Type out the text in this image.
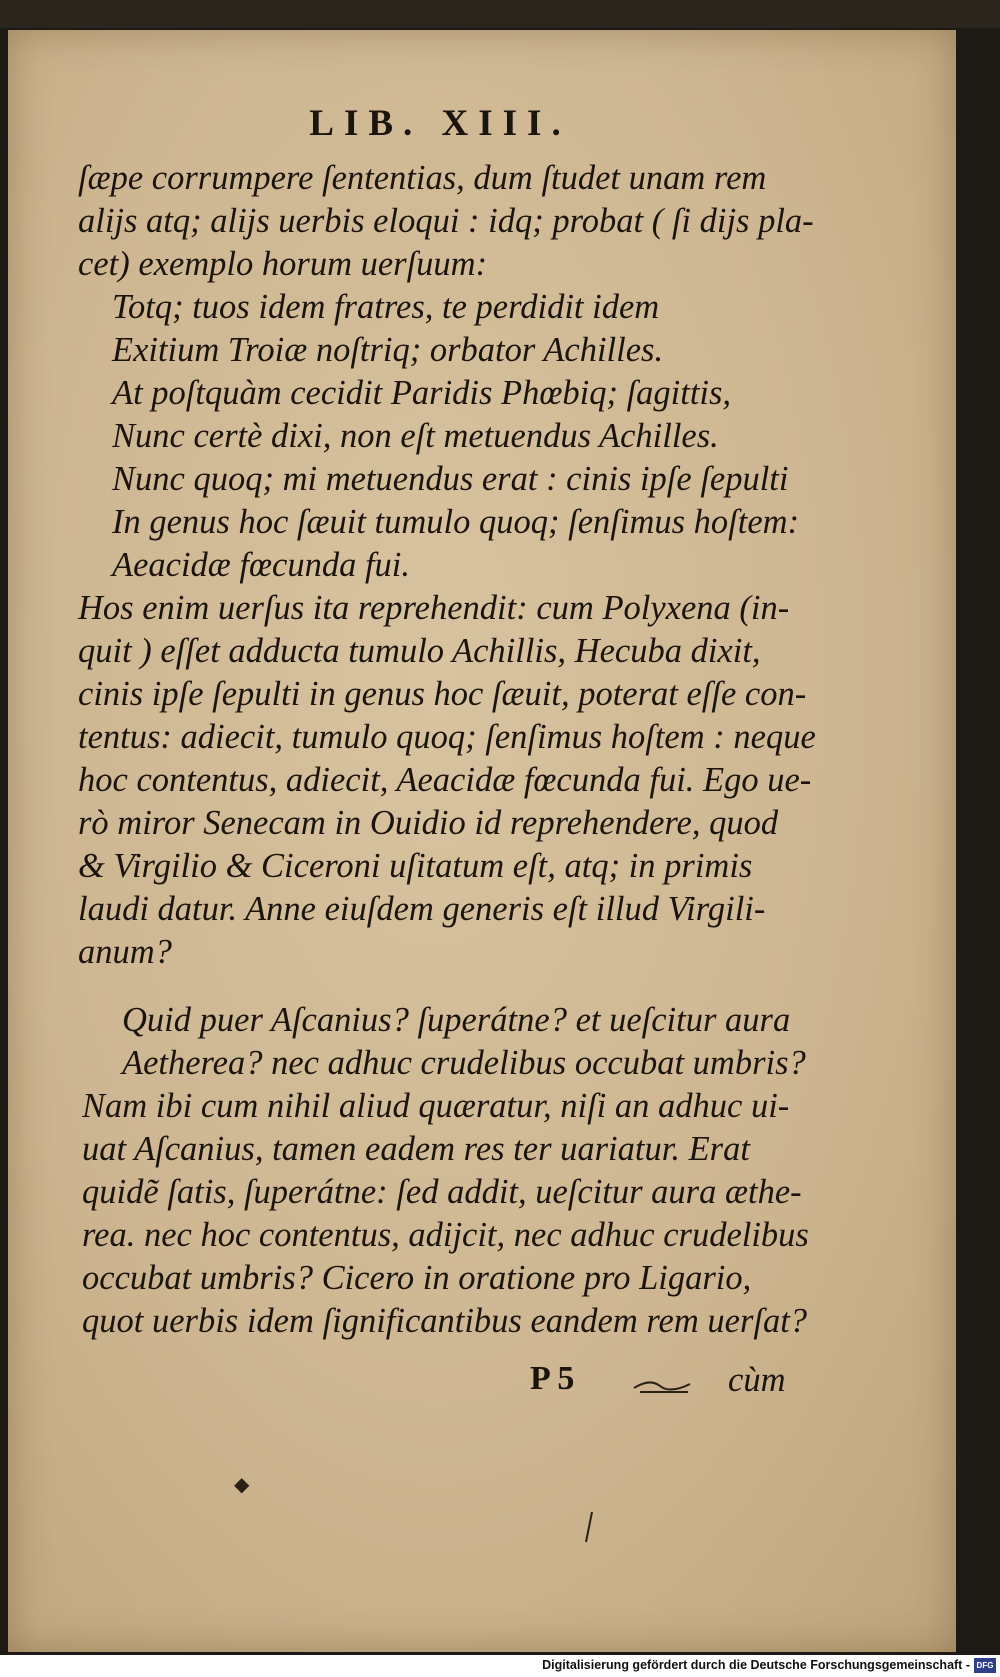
LIB. XIII.
ſæpe corrumpere ſententias, dum ſtudet unam rem
alijs atq; alijs uerbis eloqui : idq; probat ( ſi dijs pla-
cet) exemplo horum uerſuum:
Totq; tuos idem fratres, te perdidit idem
Exitium Troiæ noſtriq; orbator Achilles.
At poſtquàm cecidit Paridis Phœbiq; ſagittis,
Nunc certè dixi, non eſt metuendus Achilles.
Nunc quoq; mi metuendus erat : cinis ipſe ſepulti
In genus hoc ſæuit tumulo quoq; ſenſimus hoſtem:
Aeacidæ fœcunda fui.
Hos enim uerſus ita reprehendit: cum Polyxena (in-
quit ) eſſet adducta tumulo Achillis, Hecuba dixit,
cinis ipſe ſepulti in genus hoc ſæuit, poterat eſſe con-
tentus: adiecit, tumulo quoq; ſenſimus hoſtem : neque
hoc contentus, adiecit, Aeacidæ fœcunda fui. Ego ue-
rò miror Senecam in Ouidio id reprehendere, quod
& Virgilio & Ciceroni uſitatum eſt, atq; in primis
laudi datur. Anne eiuſdem generis eſt illud Virgili-
anum?
Quid puer Aſcanius? ſuperátne? et ueſcitur aura
Aetherea? nec adhuc crudelibus occubat umbris?
Nam ibi cum nihil aliud quæratur, niſi an adhuc ui-
uat Aſcanius, tamen eadem res ter uariatur. Erat
quidẽ ſatis, ſuperátne: ſed addit, ueſcitur aura æthe-
rea. nec hoc contentus, adijcit, nec adhuc crudelibus
occubat umbris? Cicero in oratione pro Ligario,
quot uerbis idem ſignificantibus eandem rem uerſat?
P 5	cùm
◆
Digitalisierung gefördert durch die Deutsche Forschungsgemeinschaft - DFG
